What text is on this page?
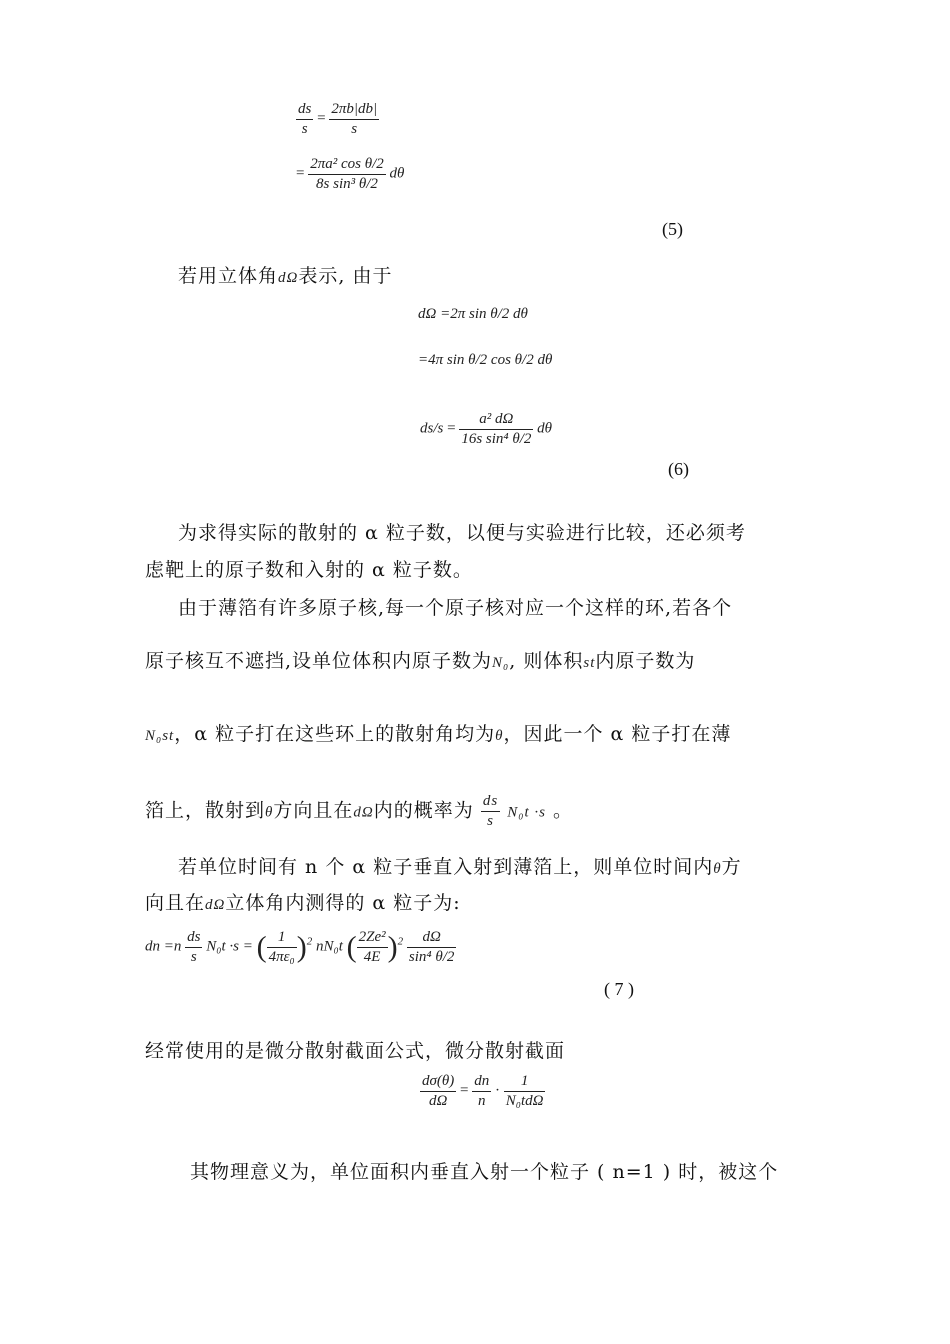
$\frac{ds}{s} = \frac{2\pi b|db|}{s}$
= $\frac{\text{2πa² cos θ/2}}{\text{8s sin³ θ/2}}$ dθ
(5)
若用立体角dΩ表示, 由于
dΩ =2π sin θ/2 dθ
=4π sin θ/2 cos θ/2 dθ
$ds/s = \frac{\text{a² dΩ}}{\text{16s sin⁴ θ/2}}$ dθ
(6)
为求得实际的散射的 α 粒子数，以便与实验进行比较，还必须考
虑靶上的原子数和入射的 α 粒子数。
由于薄箔有许多原子核,每一个原子核对应一个这样的环,若各个
原子核互不遮挡,设单位体积内原子数为N₀, 则体积st内原子数为
N₀st，α 粒子打在这些环上的散射角均为θ，因此一个 α 粒子打在薄
箔上，散射到θ方向且在dΩ内的概率为 $\frac{ds}{s} N_0t \cdot s$ 。
若单位时间有 n 个 α 粒子垂直入射到薄箔上，则单位时间内θ方
向且在dΩ立体角内测得的 α 粒子为:
dn $=n \frac{ds}{s} N_0t \cdot s$ = ( $\frac{1}{\text{4πε₀}} )^2$ nN₀t ( $\frac{\text{2Ze²}}{4E} )^2 \frac{d\Omega}{\text{sin⁴ θ/2}}$
( 7 )
经常使用的是微分散射截面公式，微分散射截面
$\frac{d\sigma(\theta)}{d\Omega} = \frac{dn}{n} \cdot \frac{1}{\text{N₀tdΩ}}$
其物理意义为，单位面积内垂直入射一个粒子 ( n=1 ) 时，被这个
